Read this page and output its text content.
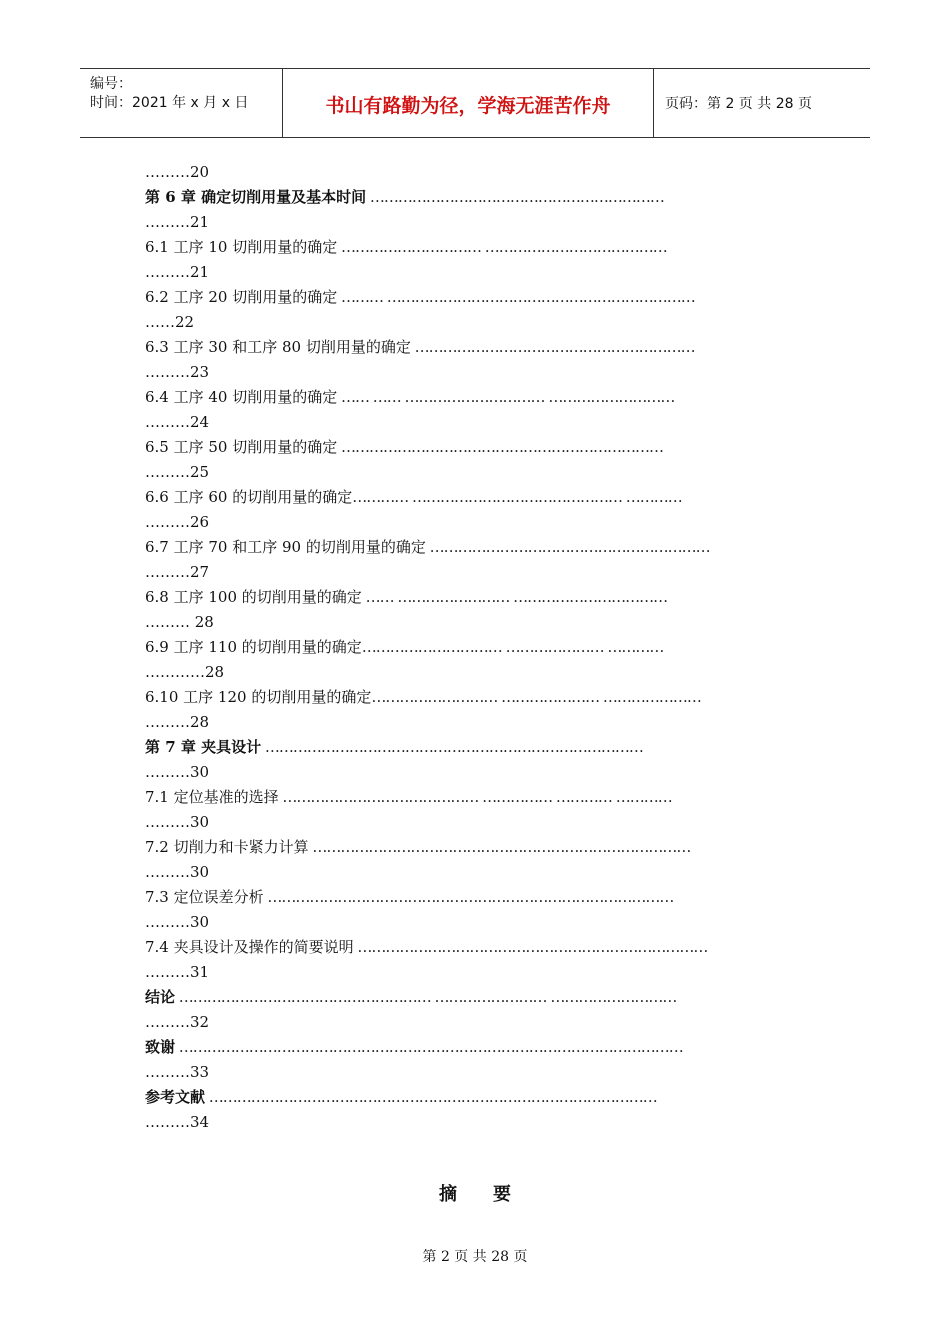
编号：
时间：2021 年 x 月 x 日	书山有路勤为径，学海无涯苦作舟	页码：第 2 页 共 28 页
………20
第 6 章 确定切削用量及基本时间 ………………………………………………………
………21
6.1 工序 10 切削用量的确定 ………………………… …………………………………
………21
6.2 工序 20 切削用量的确定 ……… …………………………………………………………
……22
6.3 工序 30 和工序 80 切削用量的确定 ……………………………………………………
………23
6.4 工序 40 切削用量的确定 …… …… ………………………… ………………………
………24
6.5 工序 50 切削用量的确定 ……………………………………………………………
………25
6.6 工序 60 的切削用量的确定………… ……………………………………… …………
………26
6.7 工序 70 和工序 90 的切削用量的确定 ……………………………………………………
………27
6.8 工序 100 的切削用量的确定 …… …………………… ……………………………
……… 28
6.9 工序 110 的切削用量的确定………………………… ………………… …………
…………28
6.10 工序 120 的切削用量的确定……………………… ………………… …………………
………28
第 7 章 夹具设计 ………………………………………………………………………
………30
7.1 定位基准的选择 …………………………………… …………… ………… …………
………30
7.2 切削力和卡紧力计算 ………………………………………………………………………
………30
7.3 定位误差分析 ……………………………………………………………………………
………30
7.4 夹具设计及操作的简要说明 …………………………………………………………………
………31
结论 ……………………………………………… …………………… ………………………
………32
致谢 ………………………………………………………………………………………………
………33
参考文献 ……………………………………………………………………………………
………34
摘 要
第 2 页 共 28 页
